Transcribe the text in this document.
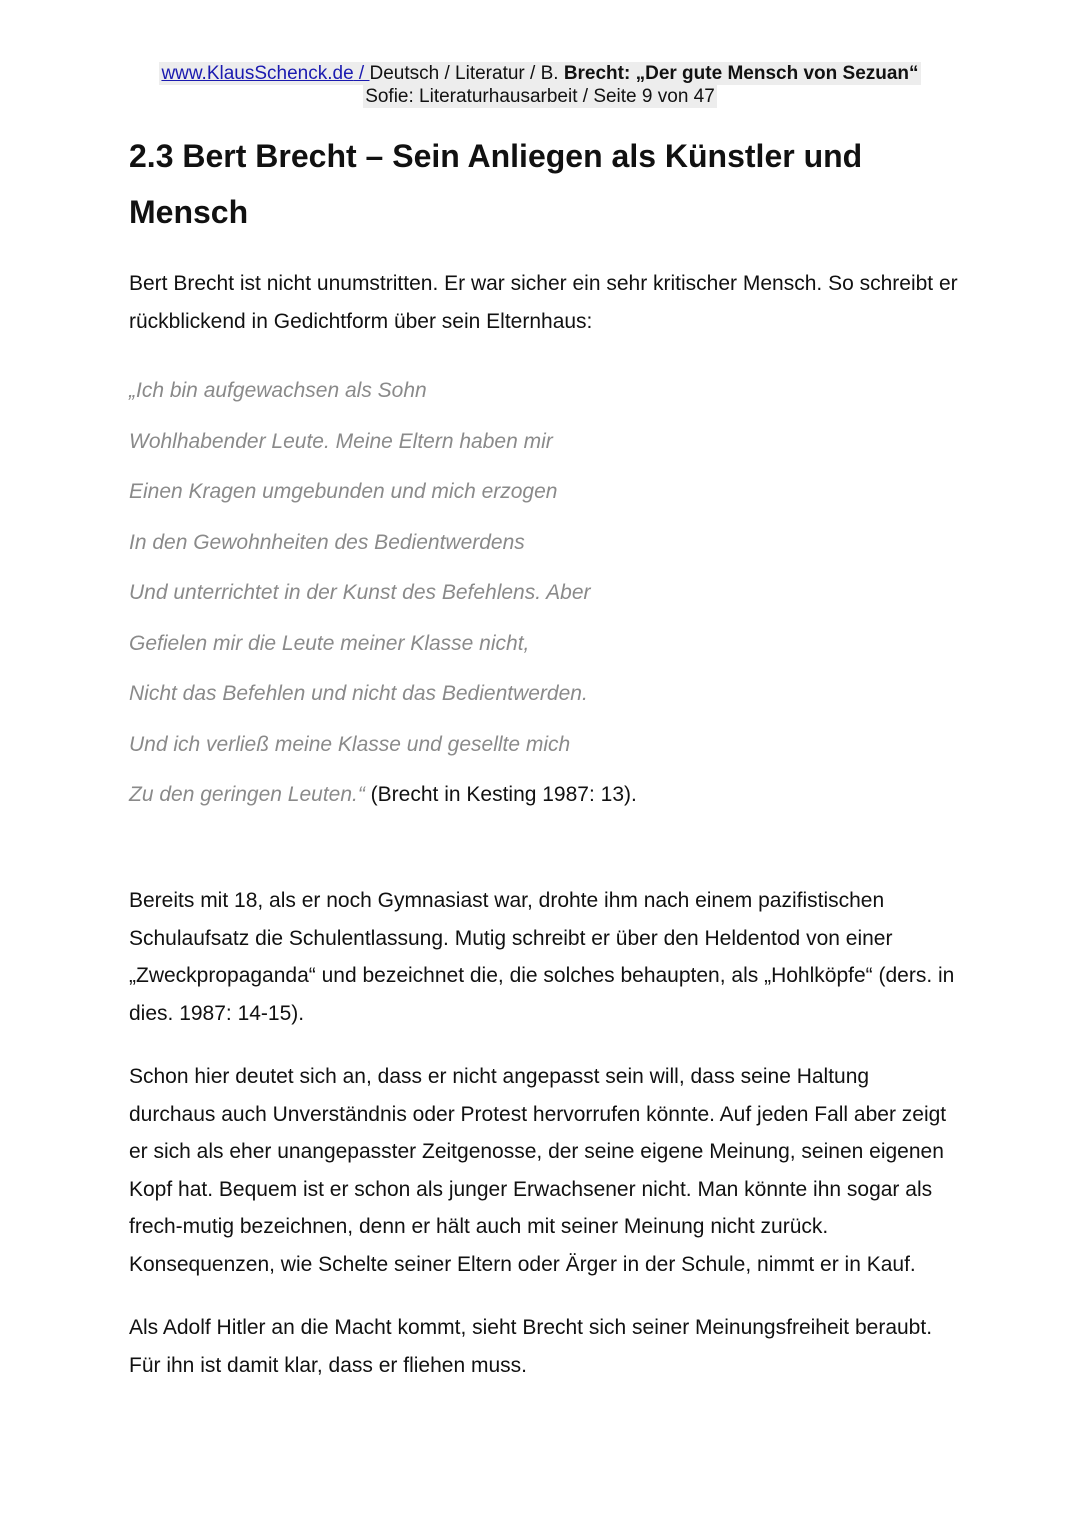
www.KlausSchenck.de / Deutsch / Literatur / B. Brecht: „Der gute Mensch von Sezuan“
Sofie: Literaturhausarbeit / Seite 9 von 47
2.3 Bert Brecht – Sein Anliegen als Künstler und Mensch

Bert Brecht ist nicht unumstritten. Er war sicher ein sehr kritischer Mensch. So schreibt er rückblickend in Gedichtform über sein Elternhaus:

„Ich bin aufgewachsen als Sohn
Wohlhabender Leute. Meine Eltern haben mir
Einen Kragen umgebunden und mich erzogen
In den Gewohnheiten des Bedientwerdens
Und unterrichtet in der Kunst des Befehlens. Aber
Gefielen mir die Leute meiner Klasse nicht,
Nicht das Befehlen und nicht das Bedientwerden.
Und ich verließ meine Klasse und gesellte mich
Zu den geringen Leuten.“ (Brecht in Kesting 1987: 13).

Bereits mit 18, als er noch Gymnasiast war, drohte ihm nach einem pazifistischen Schulaufsatz die Schulentlassung. Mutig schreibt er über den Heldentod von einer „Zweckpropaganda“ und bezeichnet die, die solches behaupten, als „Hohlköpfe“ (ders. in dies. 1987: 14-15).

Schon hier deutet sich an, dass er nicht angepasst sein will, dass seine Haltung durchaus auch Unverständnis oder Protest hervorrufen könnte. Auf jeden Fall aber zeigt er sich als eher unangepasster Zeitgenosse, der seine eigene Meinung, seinen eigenen Kopf hat. Bequem ist er schon als junger Erwachsener nicht. Man könnte ihn sogar als frech-mutig bezeichnen, denn er hält auch mit seiner Meinung nicht zurück. Konsequenzen, wie Schelte seiner Eltern oder Ärger in der Schule, nimmt er in Kauf.

Als Adolf Hitler an die Macht kommt, sieht Brecht sich seiner Meinungsfreiheit beraubt. Für ihn ist damit klar, dass er fliehen muss.
